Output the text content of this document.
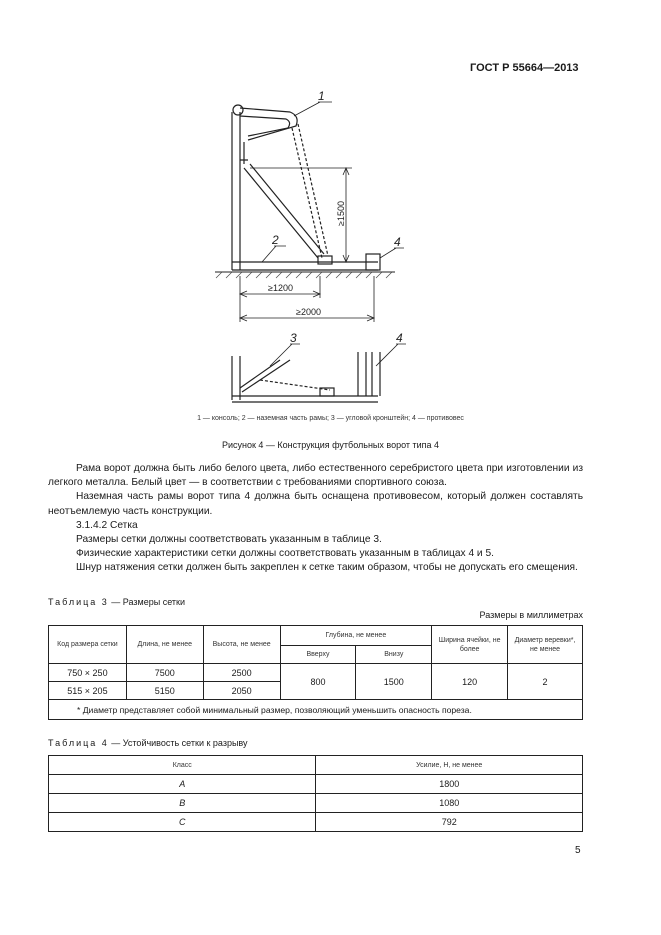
ГОСТ Р 55664—2013
1
2	4
3	4
≥1500
≥1200
≥2000
1 — консоль; 2 — наземная часть рамы; 3 — угловой кронштейн; 4 — противовес
Рисунок 4 — Конструкция футбольных ворот типа 4

Рама ворот должна быть либо белого цвета, либо естественного серебристого цвета при изготовлении из легкого металла. Белый цвет — в соответствии с требованиями спортивного союза.

Наземная часть рамы ворот типа 4 должна быть оснащена противовесом, который должен составлять неотъемлемую часть конструкции.

3.1.4.2 Сетка

Размеры сетки должны соответствовать указанным в таблице 3.

Физические характеристики сетки должны соответствовать указанным в таблицах 4 и 5.

Шнур натяжения сетки должен быть закреплен к сетке таким образом, чтобы не допускать его смещения.

Таблица 3 — Размеры сетки
Размеры в миллиметрах
Код размера сетки	Длина, не менее	Высота, не менее	Глубина, не менее		Ширина ячейки, не более	Диаметр веревки*, не менее
			Вверху	Внизу		
750 × 250	7500	2500	800	1500	120	2
515 × 205	5150	2050				
* Диаметр представляет собой минимальный размер, позволяющий уменьшить опасность пореза.						
Таблица 4 — Устойчивость сетки к разрыву
Класс	Усилие, Н, не менее
A	1800
B	1080
C	792
5
